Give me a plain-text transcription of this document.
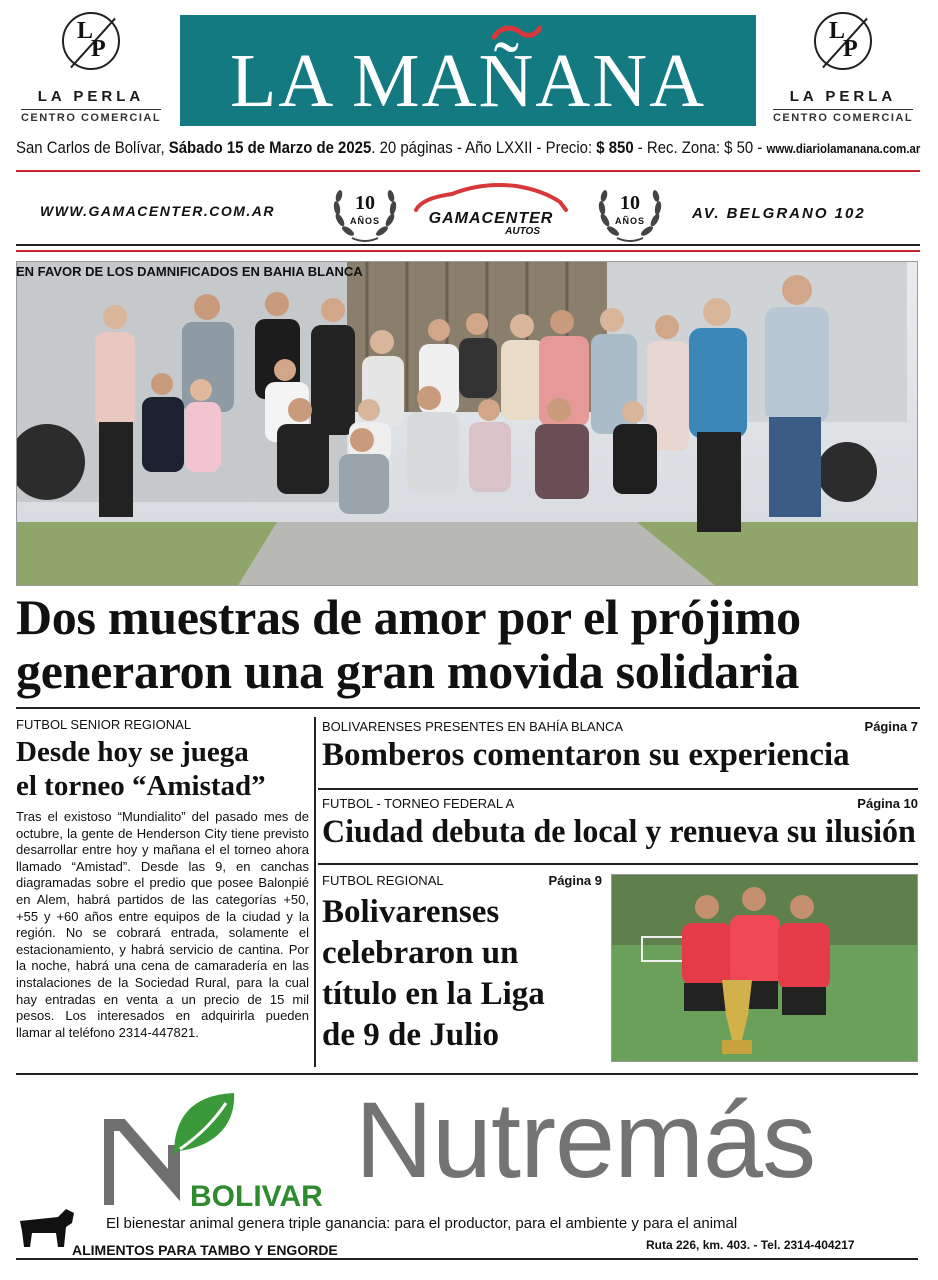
L
P
LA PERLA
CENTRO COMERCIAL
L
P
LA PERLA
CENTRO COMERCIAL
LA MAÑANA
San Carlos de Bolívar, Sábado 15 de Marzo de 2025. 20 páginas - Año LXXII - Precio: $ 850 - Rec. Zona: $ 50 - www.diariolamanana.com.ar
WWW.GAMACENTER.COM.AR	10
AÑOS	GAMACENTER
AUTOS
10
AÑOS	AV. BELGRANO 102
EN FAVOR DE LOS DAMNIFICADOS EN BAHIA BLANCA
Dos muestras de amor por el prójimo
generaron una gran movida solidaria
FUTBOL SENIOR REGIONAL
Desde hoy se juega
el torneo “Amistad”
Tras el existoso “Mundialito” del pasado mes de octubre, la gente de Henderson City tiene previsto desarrollar entre hoy y mañana el el torneo ahora llamado “Amistad”. Desde las 9, en canchas diagramadas sobre el predio que posee Balonpié en Alem, habrá partidos de las categorías +50, +55 y +60 años entre equipos de la ciudad y la región. No se cobrará entrada, solamente el estacionamiento, y habrá servicio de cantina. Por la noche, habrá una cena de camaradería en las instalaciones de la Sociedad Rural, para la cual hay entradas en venta a un precio de 15 mil pesos. Los interesados en adquirirla pueden llamar al teléfono 2314-447821.
BOLIVARENSES PRESENTES EN BAHÍA BLANCA	Página 7
Bomberos comentaron su experiencia
FUTBOL - TORNEO FEDERAL A	Página 10
Ciudad debuta de local y renueva su ilusión
FUTBOL REGIONAL	Página 9
Bolivarenses
celebraron un
título en la Liga
de 9 de Julio
Nutremás
BOLIVAR
El bienestar animal genera triple ganancia: para el productor, para el ambiente y para el animal
ALIMENTOS PARA TAMBO Y ENGORDE	Ruta 226, km. 403. - Tel. 2314-404217
